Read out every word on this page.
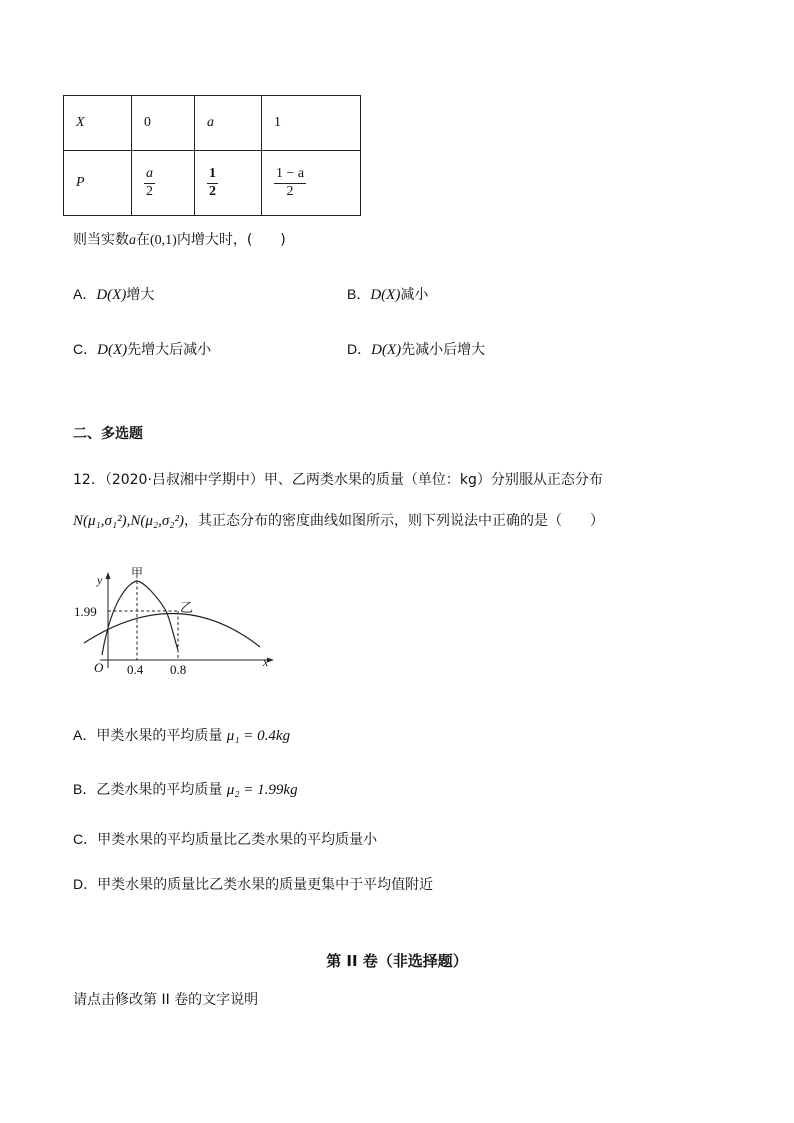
X	0	a	1
P	$\frac{a}{2}$	$\frac{1}{2}$	$\frac{1 - a}{2}$
则当实数a在(0,1)内增大时，(　　)
A．D(X)增大	B．D(X)减小
C．D(X)先增大后减小	D．D(X)先减小后增大
二、多选题
12．（2020·吕叔湘中学期中）甲、乙两类水果的质量（单位：kg）分别服从正态分布
N(μ₁,σ₁²),N(μ₂,σ₂²)，其正态分布的密度曲线如图所示，则下列说法中正确的是（　　）
y
x
O
1.99
0.4 0.8
甲
乙
A．甲类水果的平均质量 μ₁ = 0.4kg
B．乙类水果的平均质量 μ₂ = 1.99kg
C．甲类水果的平均质量比乙类水果的平均质量小
D．甲类水果的质量比乙类水果的质量更集中于平均值附近
第 II 卷（非选择题）
请点击修改第 II 卷的文字说明
